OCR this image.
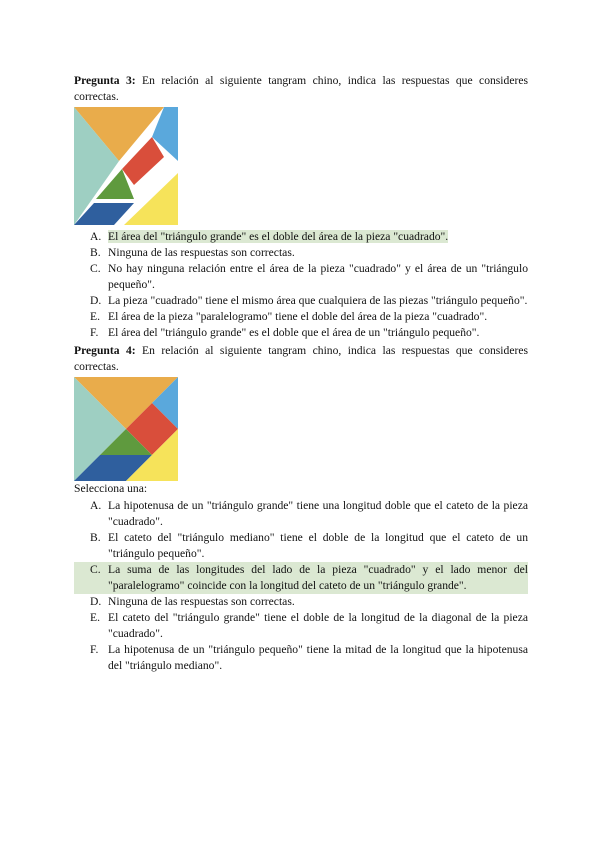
Pregunta 3: En relación al siguiente tangram chino, indica las respuestas que consideres correctas.

A. El área del "triángulo grande" es el doble del área de la pieza "cuadrado".
B. Ninguna de las respuestas son correctas.
C. No hay ninguna relación entre el área de la pieza "cuadrado" y el área de un "triángulo pequeño".
D. La pieza "cuadrado" tiene el mismo área que cualquiera de las piezas "triángulo pequeño".
E. El área de la pieza "paralelogramo" tiene el doble del área de la pieza "cuadrado".
F. El área del "triángulo grande" es el doble que el área de un "triángulo pequeño".

Pregunta 4: En relación al siguiente tangram chino, indica las respuestas que consideres correctas.

Selecciona una:

A. La hipotenusa de un "triángulo grande" tiene una longitud doble que el cateto de la pieza "cuadrado".
B. El cateto del "triángulo mediano" tiene el doble de la longitud que el cateto de un "triángulo pequeño".
C. La suma de las longitudes del lado de la pieza "cuadrado" y el lado menor del "paralelogramo" coincide con la longitud del cateto de un "triángulo grande".
D. Ninguna de las respuestas son correctas.
E. El cateto del "triángulo grande" tiene el doble de la longitud de la diagonal de la pieza "cuadrado".
F. La hipotenusa de un "triángulo pequeño" tiene la mitad de la longitud que la hipotenusa del "triángulo mediano".
